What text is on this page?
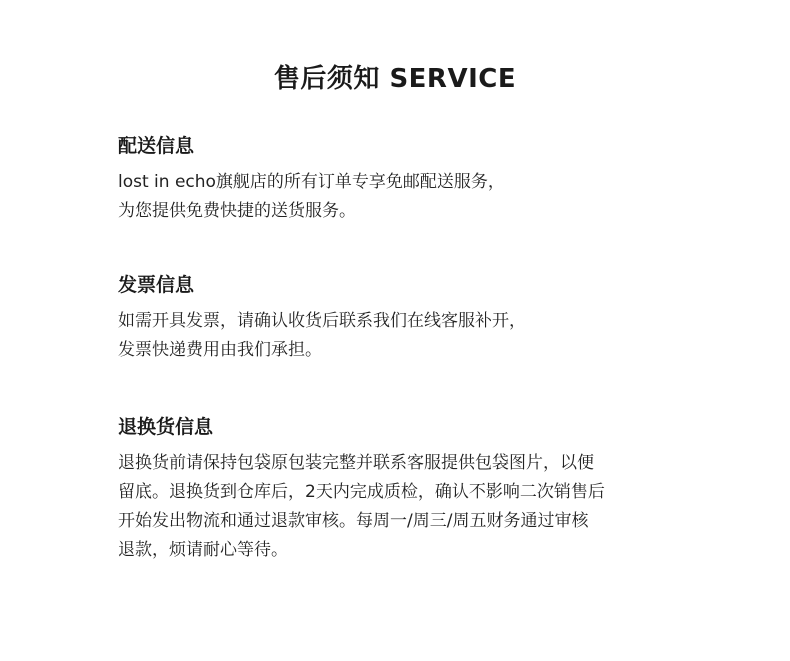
售后须知 SERVICE
配送信息

lost in echo旗舰店的所有订单专享免邮配送服务，

为您提供免费快捷的送货服务。

发票信息

如需开具发票，请确认收货后联系我们在线客服补开，

发票快递费用由我们承担。

退换货信息

退换货前请保持包袋原包装完整并联系客服提供包袋图片，以便

留底。退换货到仓库后，2天内完成质检，确认不影响二次销售后

开始发出物流和通过退款审核。每周一/周三/周五财务通过审核

退款，烦请耐心等待。
